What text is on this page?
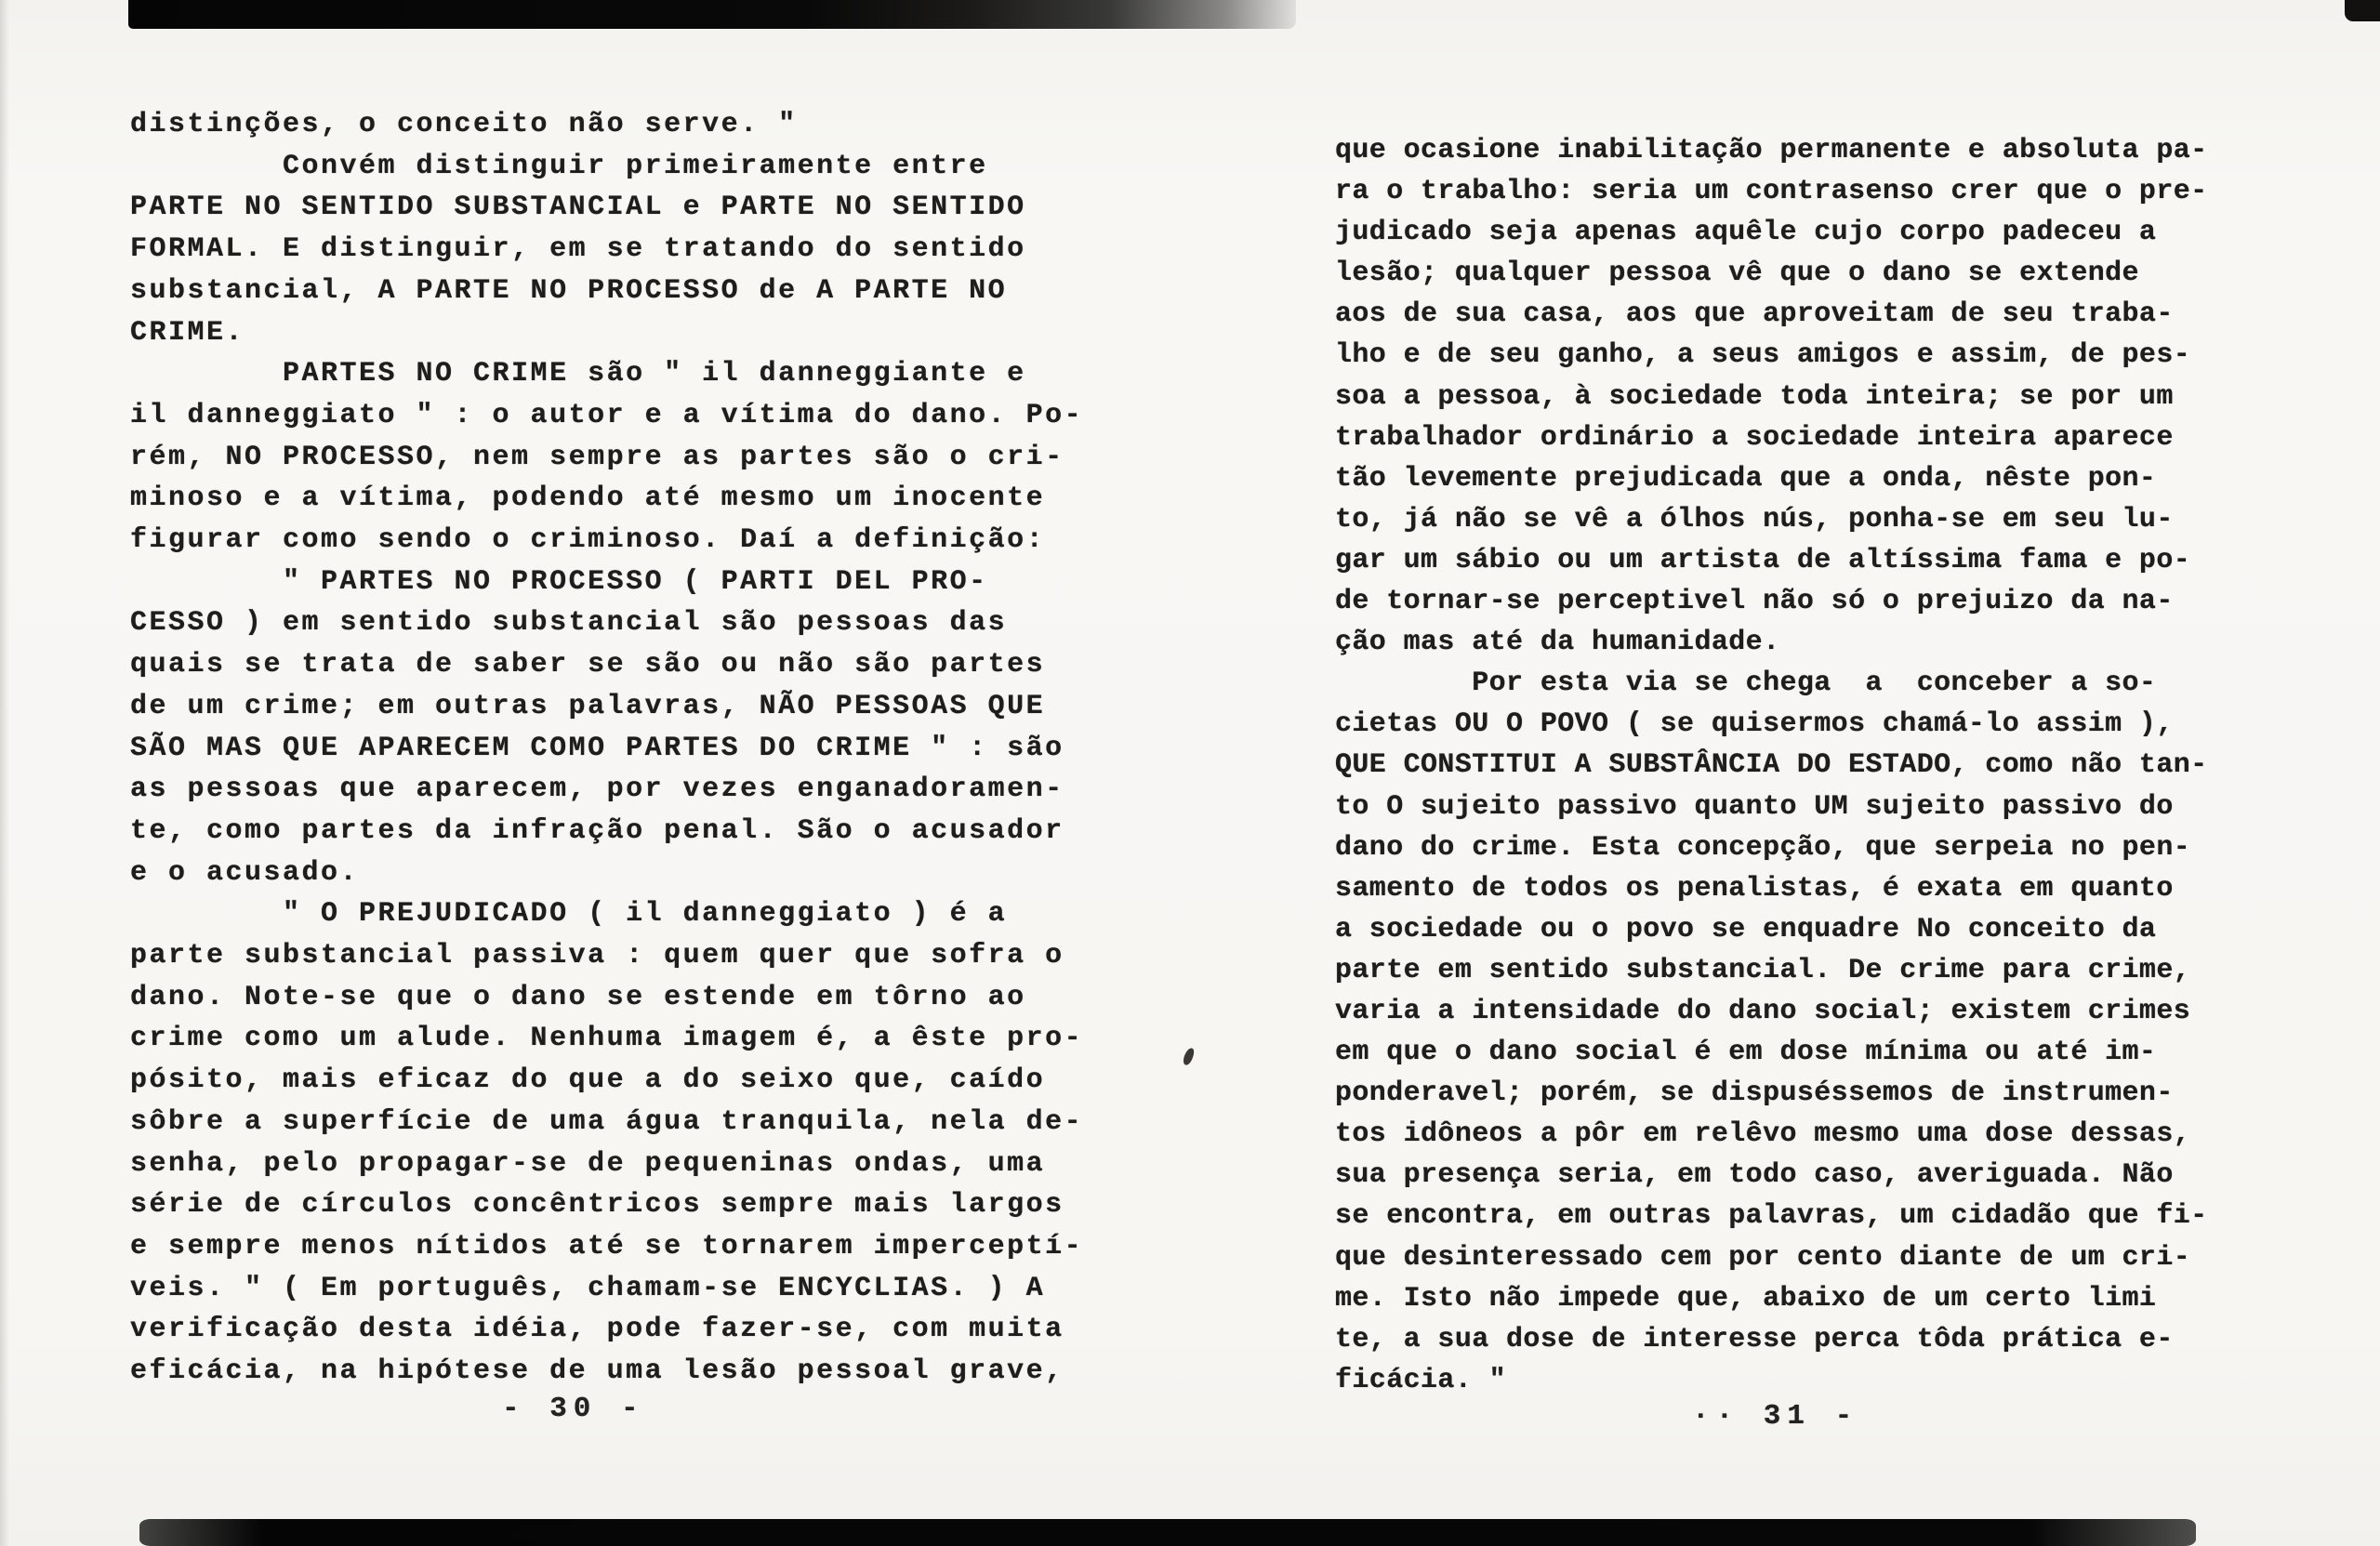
distinções, o conceito não serve. "
Convém distinguir primeiramente entre
PARTE NO SENTIDO SUBSTANCIAL e PARTE NO SENTIDO
FORMAL. E distinguir, em se tratando do sentido
substancial, A PARTE NO PROCESSO de A PARTE NO
CRIME.
PARTES NO CRIME são " il danneggiante e
il danneggiato " : o autor e a vítima do dano. Po-
rém, NO PROCESSO, nem sempre as partes são o cri-
minoso e a vítima, podendo até mesmo um inocente
figurar como sendo o criminoso. Daí a definição:
" PARTES NO PROCESSO ( PARTI DEL PRO-
CESSO ) em sentido substancial são pessoas das
quais se trata de saber se são ou não são partes
de um crime; em outras palavras, NÃO PESSOAS QUE
SÃO MAS QUE APARECEM COMO PARTES DO CRIME " : são
as pessoas que aparecem, por vezes enganadoramen-
te, como partes da infração penal. São o acusador
e o acusado.
" O PREJUDICADO ( il danneggiato ) é a
parte substancial passiva : quem quer que sofra o
dano. Note-se que o dano se estende em tôrno ao
crime como um alude. Nenhuma imagem é, a êste pro-
pósito, mais eficaz do que a do seixo que, caído
sôbre a superfície de uma água tranquila, nela de-
senha, pelo propagar-se de pequeninas ondas, uma
série de círculos concêntricos sempre mais largos
e sempre menos nítidos até se tornarem imperceptí-
veis. " ( Em português, chamam-se ENCYCLIAS. ) A
verificação desta idéia, pode fazer-se, com muita
eficácia, na hipótese de uma lesão pessoal grave,
- 30 -
que ocasione inabilitação permanente e absoluta pa-
ra o trabalho: seria um contrasenso crer que o pre-
judicado seja apenas aquêle cujo corpo padeceu a
lesão; qualquer pessoa vê que o dano se extende
aos de sua casa, aos que aproveitam de seu traba-
lho e de seu ganho, a seus amigos e assim, de pes-
soa a pessoa, à sociedade toda inteira; se por um
trabalhador ordinário a sociedade inteira aparece
tão levemente prejudicada que a onda, nêste pon-
to, já não se vê a ólhos nús, ponha-se em seu lu-
gar um sábio ou um artista de altíssima fama e po-
de tornar-se perceptivel não só o prejuizo da na-
ção mas até da humanidade.
Por esta via se chega  a  conceber a so-
cietas OU O POVO ( se quisermos chamá-lo assim ),
QUE CONSTITUI A SUBSTÂNCIA DO ESTADO, como não tan-
to O sujeito passivo quanto UM sujeito passivo do
dano do crime. Esta concepção, que serpeia no pen-
samento de todos os penalistas, é exata em quanto
a sociedade ou o povo se enquadre No conceito da
parte em sentido substancial. De crime para crime,
varia a intensidade do dano social; existem crimes
em que o dano social é em dose mínima ou até im-
ponderavel; porém, se dispuséssemos de instrumen-
tos idôneos a pôr em relêvo mesmo uma dose dessas,
sua presença seria, em todo caso, averiguada. Não
se encontra, em outras palavras, um cidadão que fi-
que desinteressado cem por cento diante de um cri-
me. Isto não impede que, abaixo de um certo limi
te, a sua dose de interesse perca tôda prática e-
ficácia. "
·· 31 -
